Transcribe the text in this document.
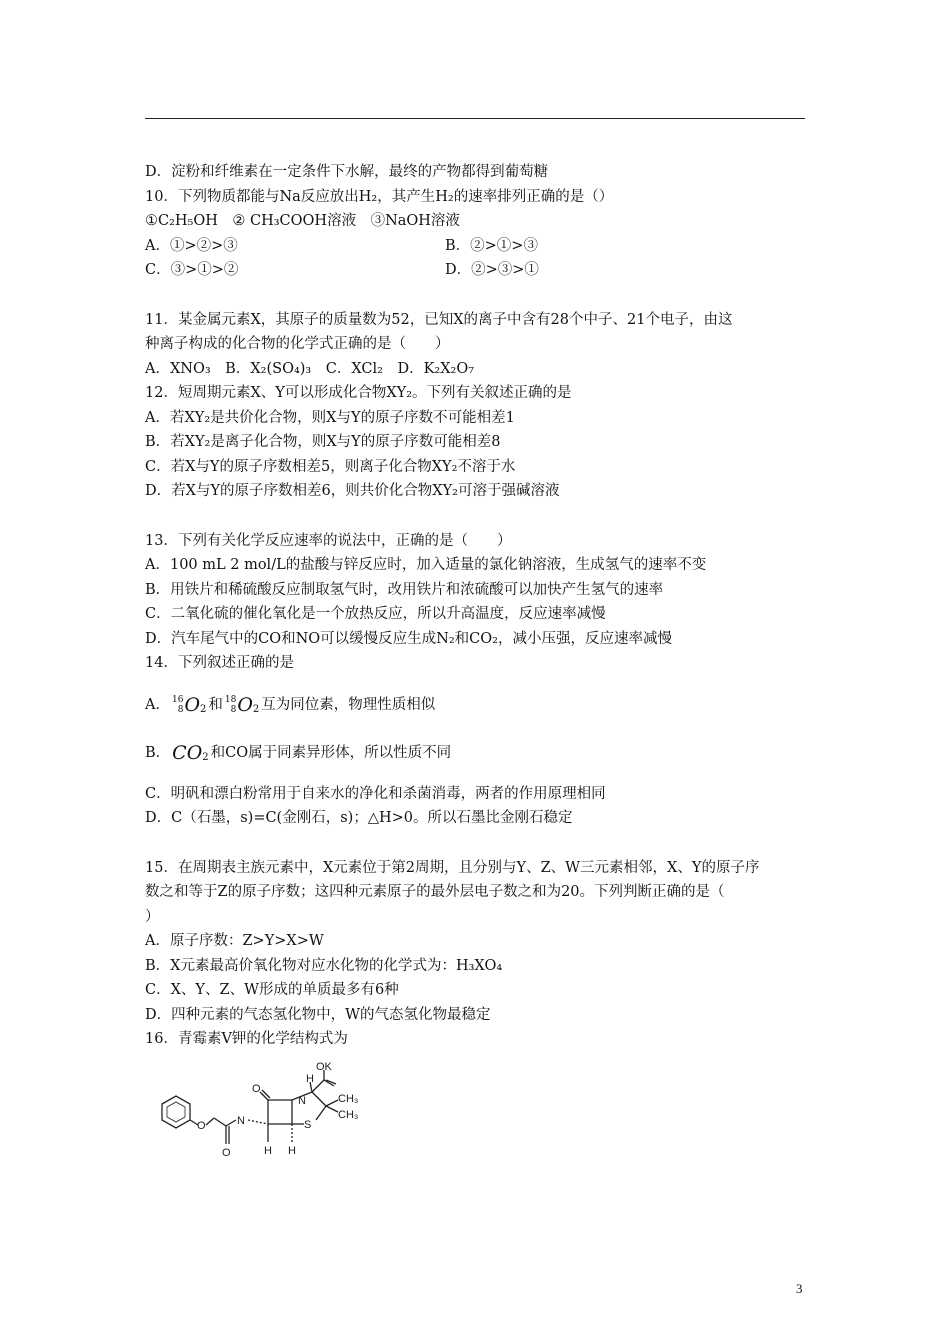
D．淀粉和纤维素在一定条件下水解，最终的产物都得到葡萄糖
10．下列物质都能与Na反应放出H₂，其产生H₂的速率排列正确的是（）
①C₂H₅OH　② CH₃COOH溶液　③NaOH溶液
A．①>②>③	B．②>①>③
C．③>①>②	D．②>③>①
11．某金属元素X，其原子的质量数为52，已知X的离子中含有28个中子、21个电子，由这
种离子构成的化合物的化学式正确的是（　　）
A．XNO₃　B．X₂(SO₄)₃　C．XCl₂　D．K₂X₂O₇
12．短周期元素X、Y可以形成化合物XY₂。下列有关叙述正确的是
A．若XY₂是共价化合物，则X与Y的原子序数不可能相差1
B．若XY₂是离子化合物，则X与Y的原子序数可能相差8
C．若X与Y的原子序数相差5，则离子化合物XY₂不溶于水
D．若X与Y的原子序数相差6，则共价化合物XY₂可溶于强碱溶液
13．下列有关化学反应速率的说法中，正确的是（　　）
A．100 mL 2 mol/L的盐酸与锌反应时，加入适量的氯化钠溶液，生成氢气的速率不变
B．用铁片和稀硫酸反应制取氢气时，改用铁片和浓硫酸可以加快产生氢气的速率
C．二氧化硫的催化氧化是一个放热反应，所以升高温度，反应速率减慢
D．汽车尾气中的CO和NO可以缓慢反应生成N₂和CO₂，减小压强，反应速率减慢
14．下列叙述正确的是
A． 16
8 O 2 和 18
8 O 2 互为同位素，物理性质相似
B． CO 2 和CO属于同素异形体，所以性质不同
C．明矾和漂白粉常用于自来水的净化和杀菌消毒，两者的作用原理相同
D．C（石墨，s)=C(金刚石，s)；△H>0。所以石墨比金刚石稳定
15．在周期表主族元素中，X元素位于第2周期，且分别与Y、Z、W三元素相邻，X、Y的原子序
数之和等于Z的原子序数；这四种元素原子的最外层电子数之和为20。下列判断正确的是（
）
A．原子序数：Z>Y>X>W
B．X元素最高价氧化物对应水化物的化学式为：H₃XO₄
C．X、Y、Z、W形成的单质最多有6种
D．四种元素的气态氢化物中，W的气态氢化物最稳定
16．青霉素V钾的化学结构式为
OK
H
O
N	CH₃
CH₃
S
N
O
O	H H
3
